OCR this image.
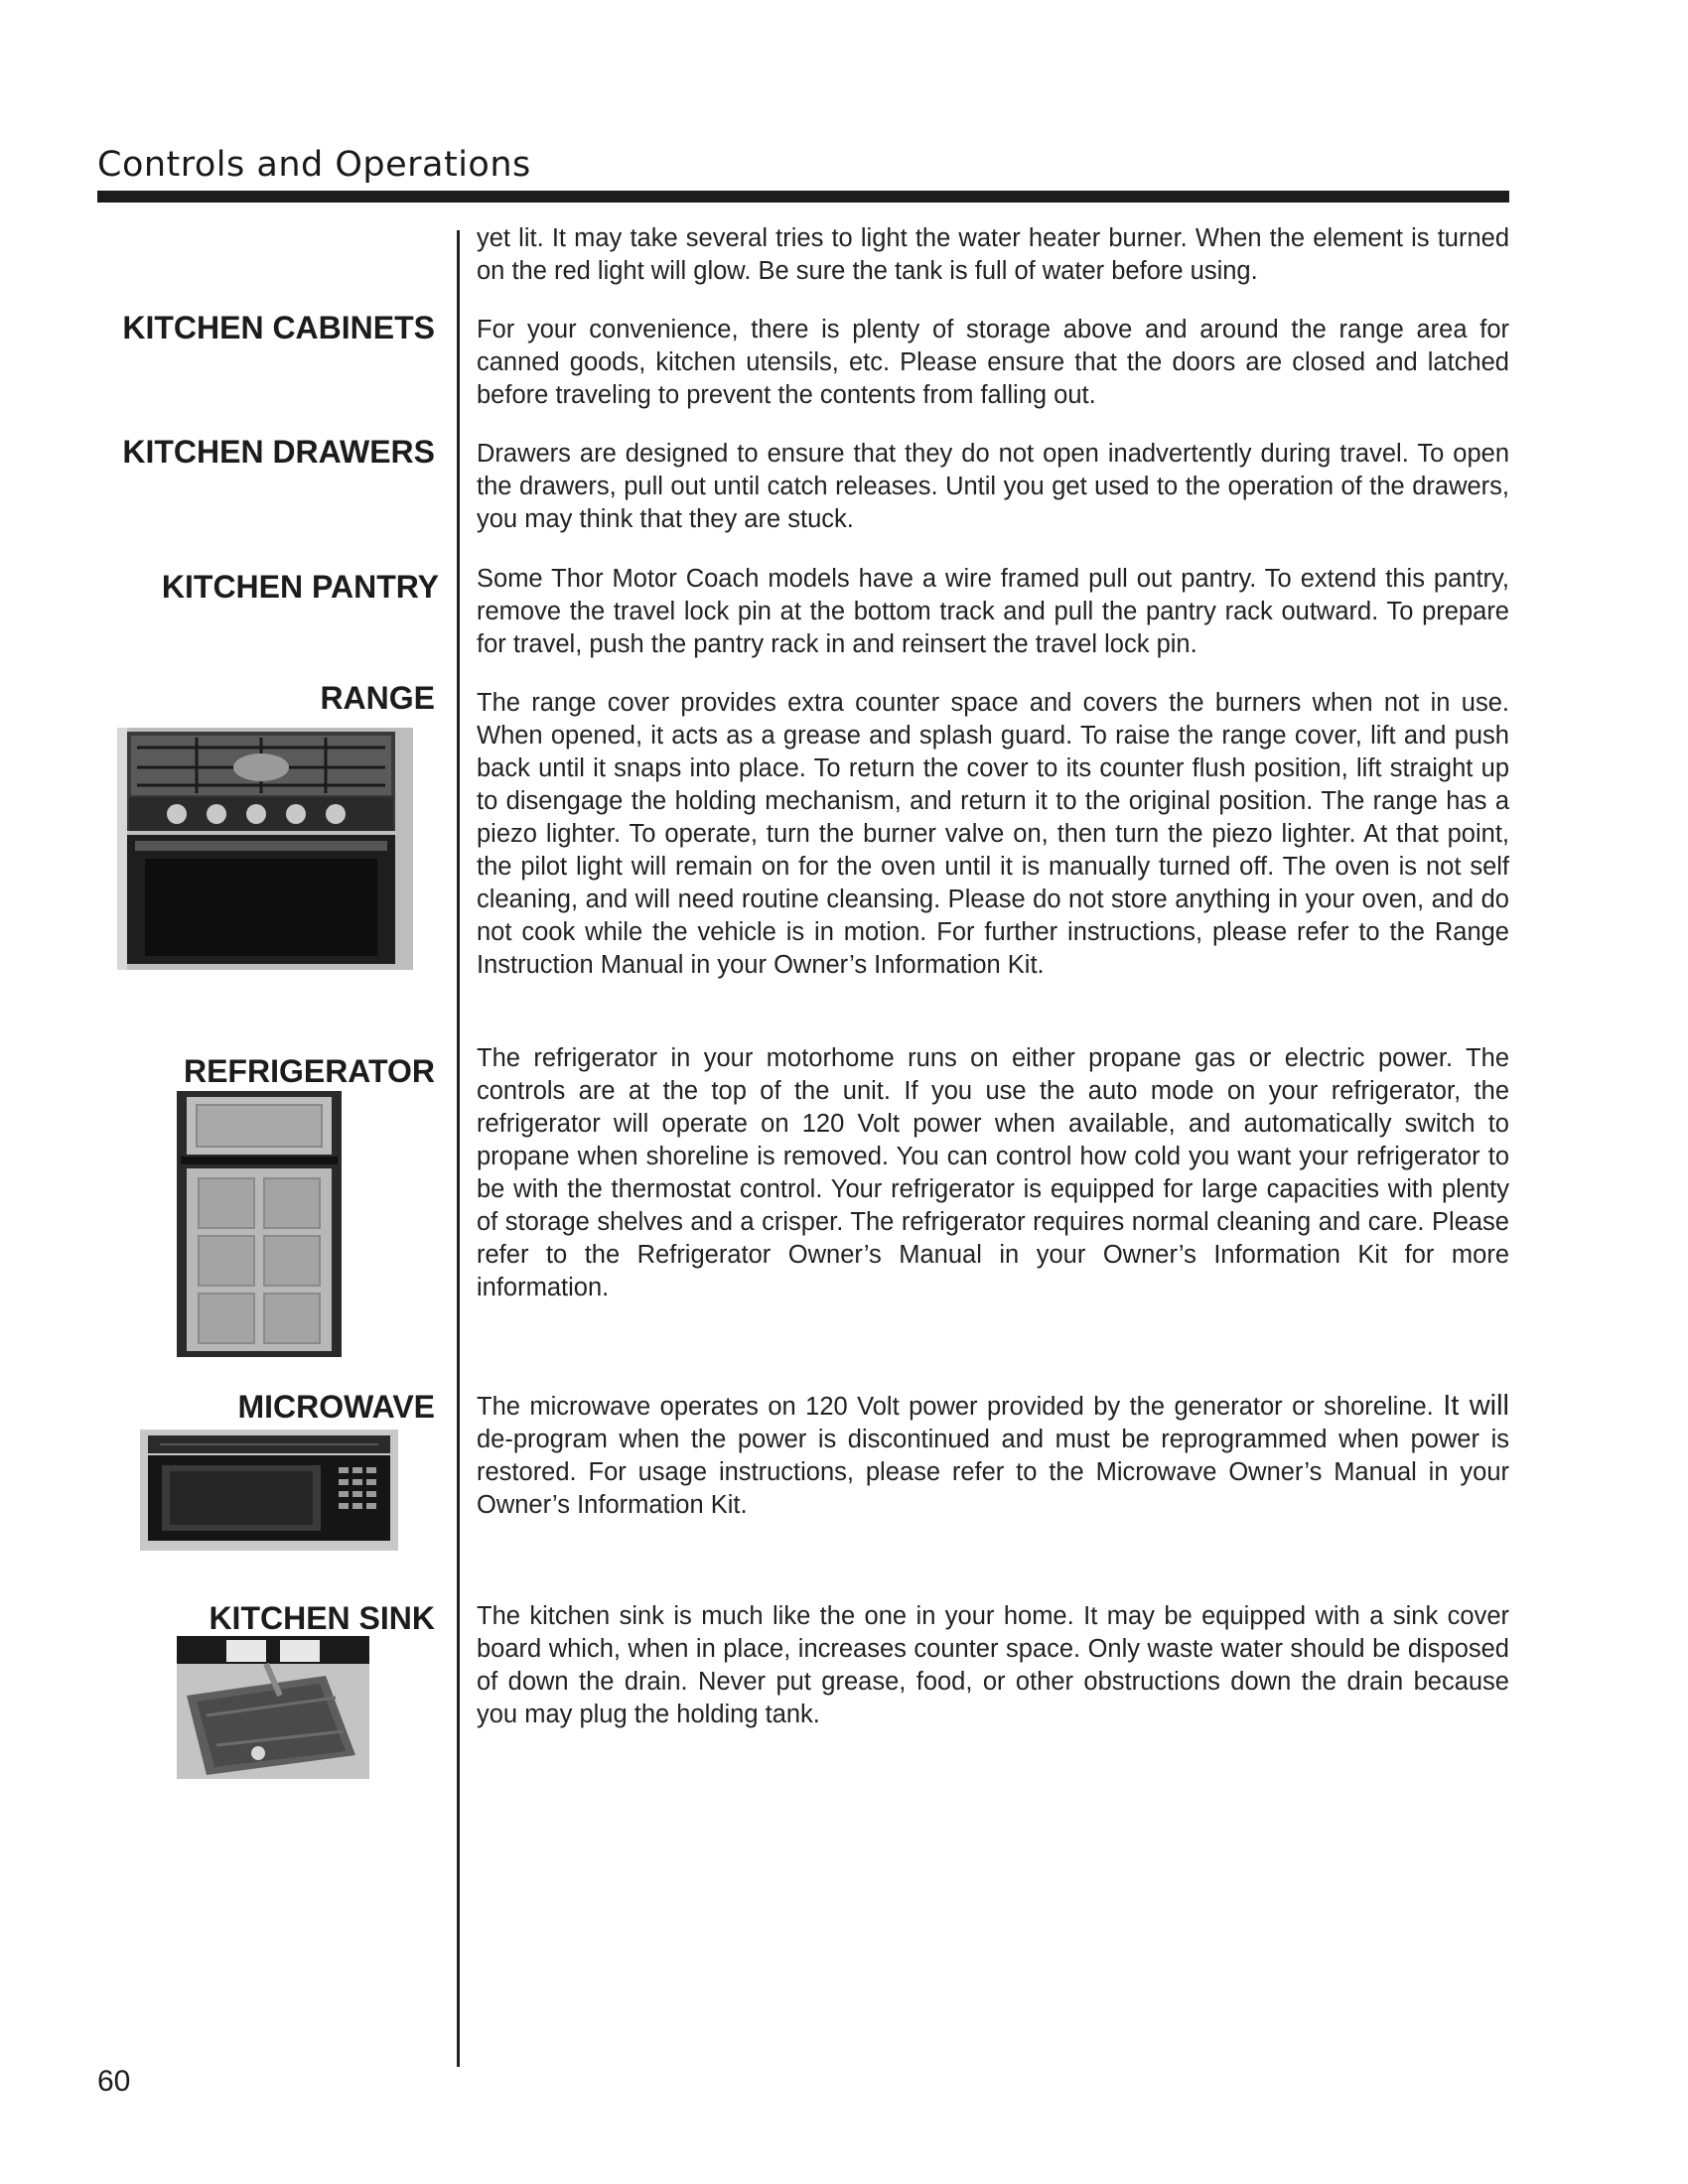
Controls and Operations

yet lit. It may take several tries to light the water heater burner. When the element is turned on the red light will glow. Be sure the tank is full of water before using.

KITCHEN CABINETS For your convenience, there is plenty of storage above and around the range area for canned goods, kitchen utensils, etc. Please ensure that the doors are closed and latched before traveling to prevent the contents from falling out.

KITCHEN DRAWERS Drawers are designed to ensure that they do not open inadvertently during travel. To open the drawers, pull out until catch releases. Until you get used to the operation of the drawers, you may think that they are stuck.

KITCHEN PANTRY Some Thor Motor Coach models have a wire framed pull out pantry. To extend this pantry, remove the travel lock pin at the bottom track and pull the pantry rack outward. To prepare for travel, push the pantry rack in and reinsert the travel lock pin.

RANGE The range cover provides extra counter space and covers the burners when not in use. When opened, it acts as a grease and splash guard. To raise the range cover, lift and push back until it snaps into place. To return the cover to its counter flush position, lift straight up to disengage the holding mechanism, and return it to the original position. The range has a piezo lighter. To operate, turn the burner valve on, then turn the piezo lighter. At that point, the pilot light will remain on for the oven until it is manually turned off. The oven is not self cleaning, and will need routine cleansing. Please do not store anything in your oven, and do not cook while the vehicle is in motion. For further instructions, please refer to the Range Instruction Manual in your Owner’s Information Kit.

REFRIGERATOR The refrigerator in your motorhome runs on either propane gas or electric power. The controls are at the top of the unit. If you use the auto mode on your refrigerator, the refrigerator will operate on 120 Volt power when available, and automatically switch to propane when shoreline is removed. You can control how cold you want your refrigerator to be with the thermostat control. Your refrigerator is equipped for large capacities with plenty of storage shelves and a crisper. The refrigerator requires normal cleaning and care. Please refer to the Refrigerator Owner’s Manual in your Owner’s Information Kit for more information.

MICROWAVE The microwave operates on 120 Volt power provided by the generator or shoreline. It will de-program when the power is discontinued and must be reprogrammed when power is restored. For usage instructions, please refer to the Microwave Owner’s Manual in your Owner’s Information Kit.

KITCHEN SINK The kitchen sink is much like the one in your home. It may be equipped with a sink cover board which, when in place, increases counter space. Only waste water should be disposed of down the drain. Never put grease, food, or other obstructions down the drain because you may plug the holding tank.

60
